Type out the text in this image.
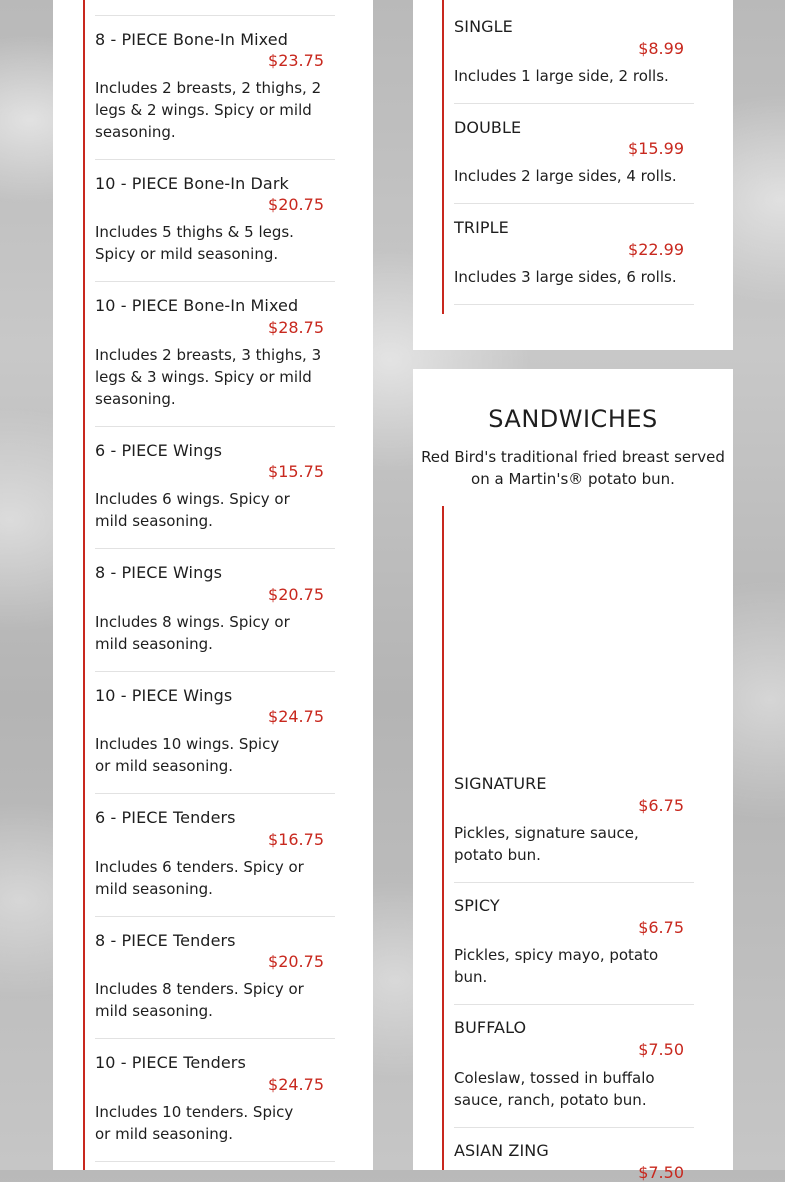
8 - PIECE Bone-In Mixed
$23.75
Includes 2 breasts, 2 thighs, 2 legs & 2 wings. Spicy or mild seasoning.
10 - PIECE Bone-In Dark
$20.75
Includes 5 thighs & 5 legs. Spicy or mild seasoning.
10 - PIECE Bone-In Mixed
$28.75
Includes 2 breasts, 3 thighs, 3 legs & 3 wings. Spicy or mild seasoning.
6 - PIECE Wings
$15.75
Includes 6 wings. Spicy or mild seasoning.
8 - PIECE Wings
$20.75
Includes 8 wings. Spicy or mild seasoning.
10 - PIECE Wings
$24.75
Includes 10 wings. Spicy or mild seasoning.
6 - PIECE Tenders
$16.75
Includes 6 tenders. Spicy or mild seasoning.
8 - PIECE Tenders
$20.75
Includes 8 tenders. Spicy or mild seasoning.
10 - PIECE Tenders
$24.75
Includes 10 tenders. Spicy or mild seasoning.
SINGLE
$8.99
Includes 1 large side, 2 rolls.
DOUBLE
$15.99
Includes 2 large sides, 4 rolls.
TRIPLE
$22.99
Includes 3 large sides, 6 rolls.
SANDWICHES
Red Bird's traditional fried breast served on a Martin's® potato bun.
SIGNATURE
$6.75
Pickles, signature sauce, potato bun.
SPICY
$6.75
Pickles, spicy mayo, potato bun.
BUFFALO
$7.50
Coleslaw, tossed in buffalo sauce, ranch, potato bun.
ASIAN ZING
$7.50
